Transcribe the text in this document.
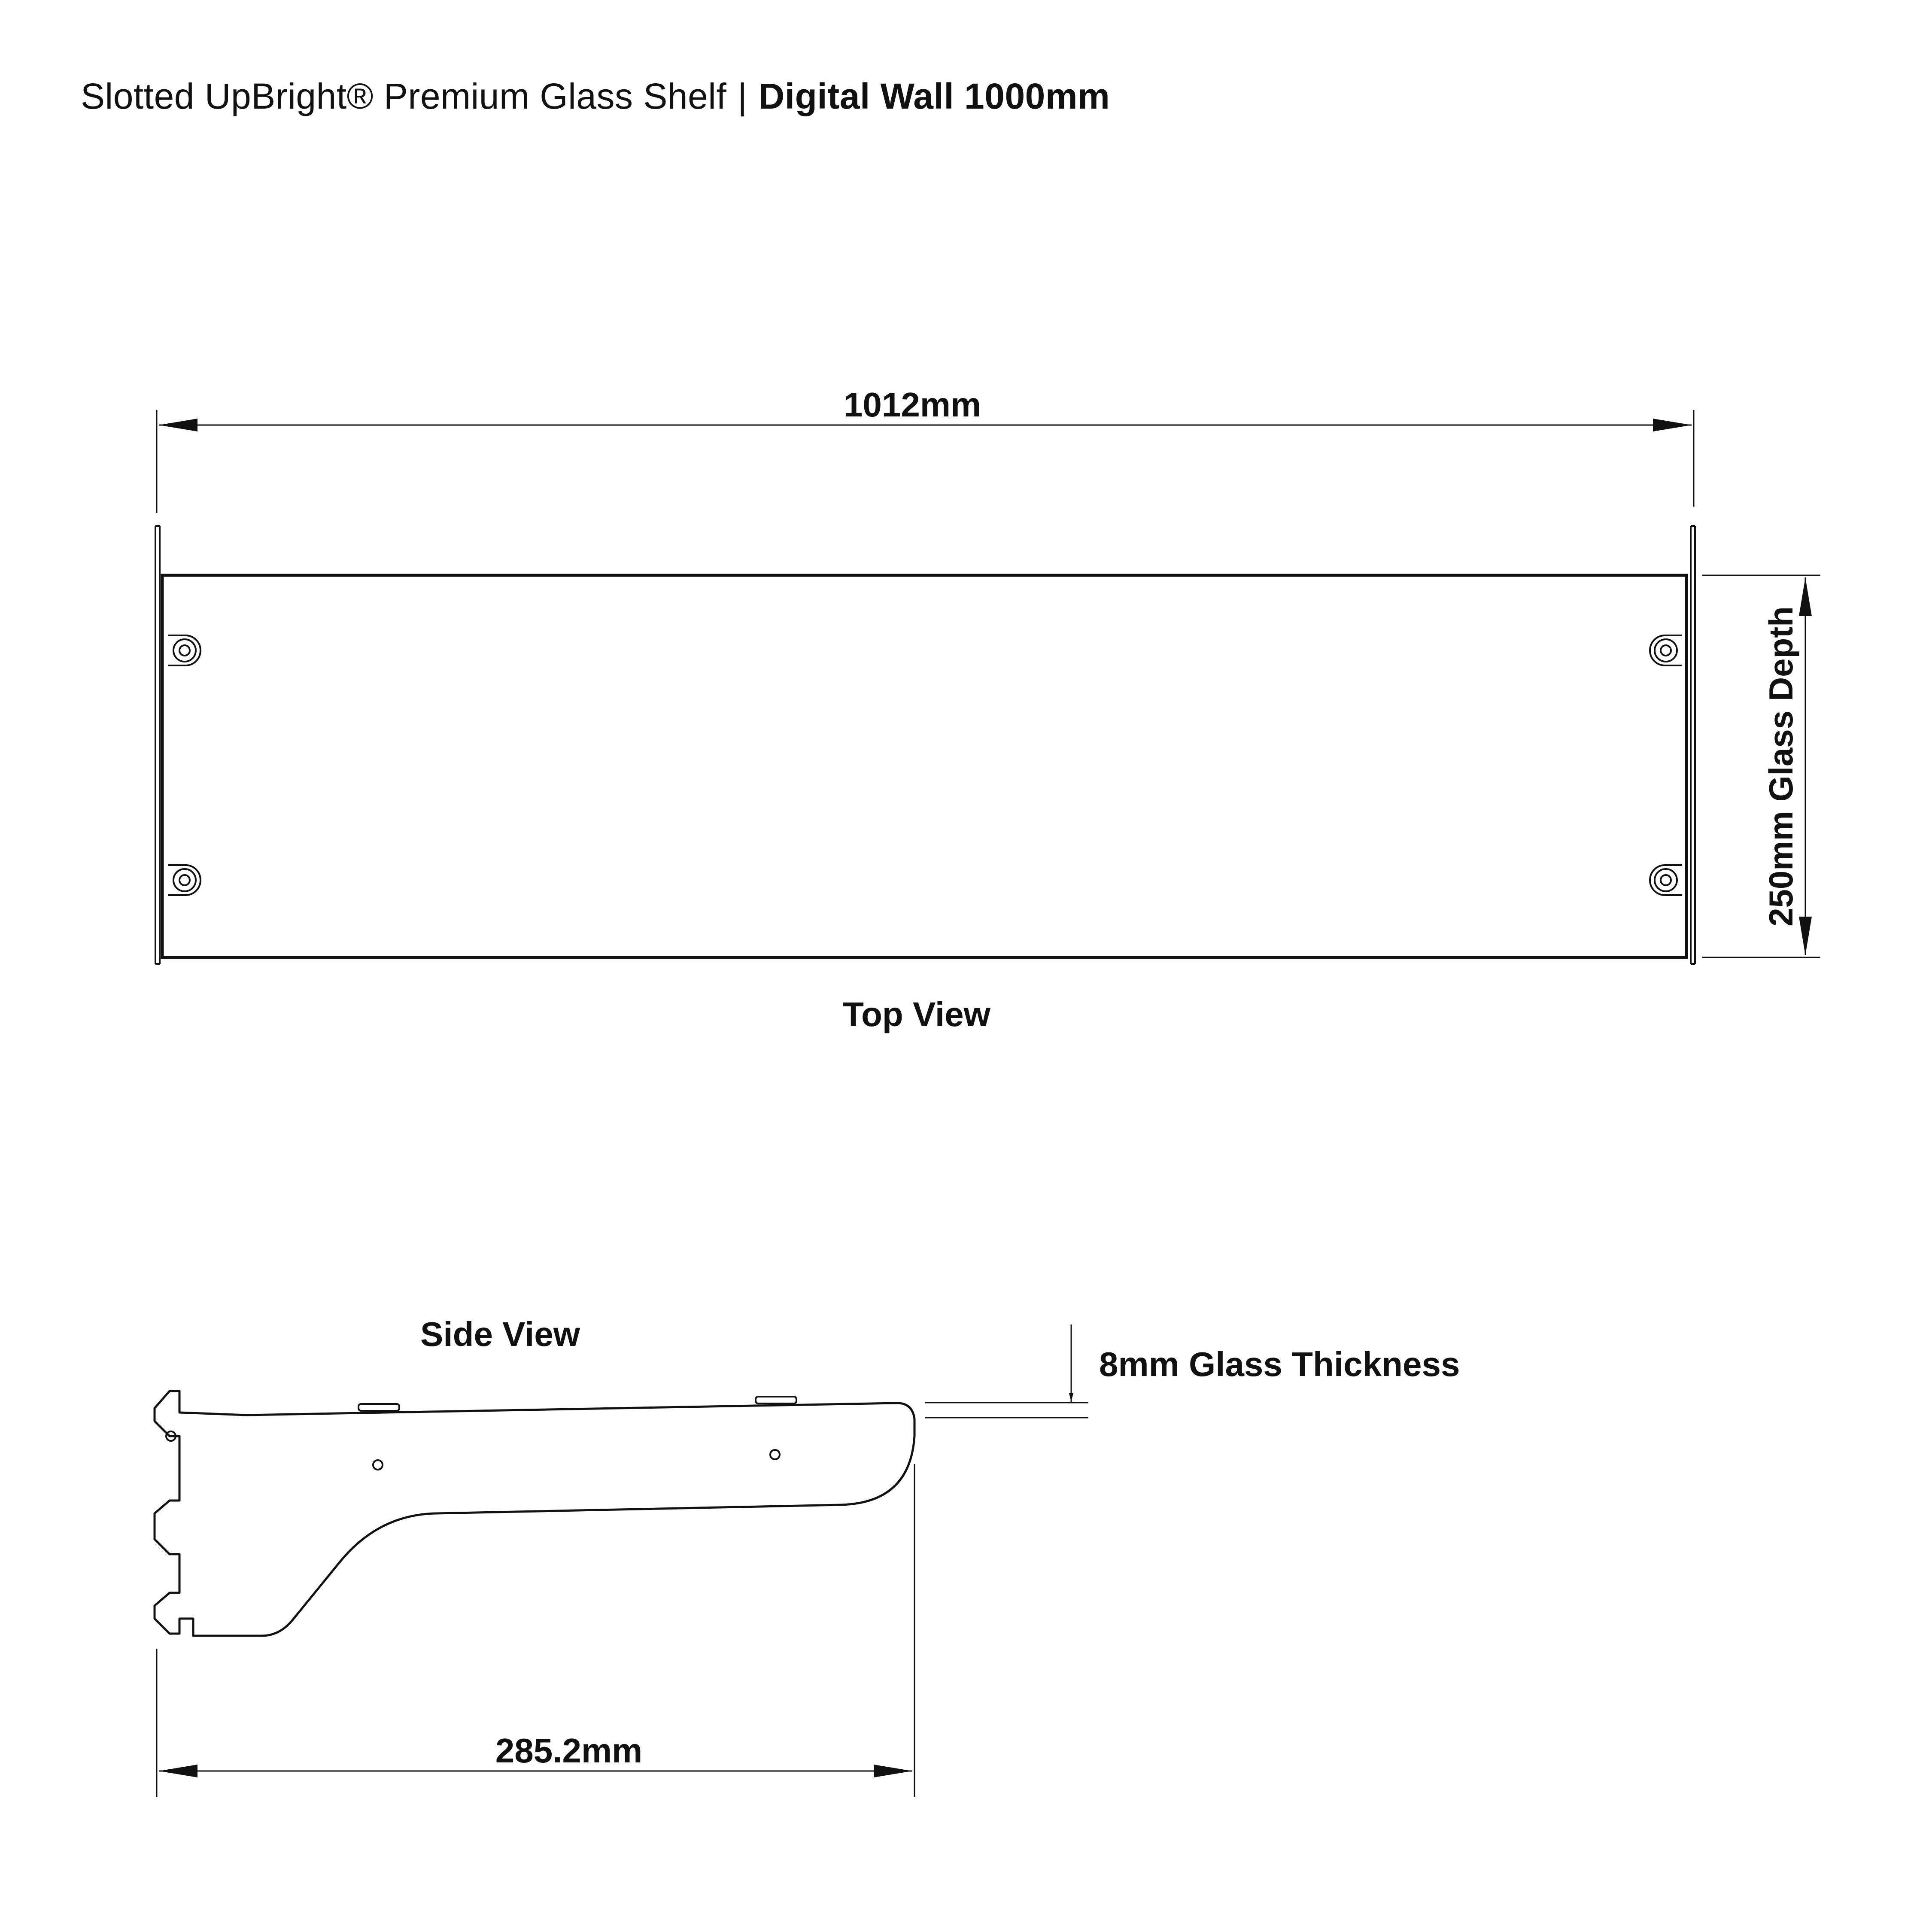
Slotted UpBright® Premium Glass Shelf | Digital Wall 1000mm
1012mm
250mm Glass Depth
Top View
Side View
8mm Glass Thickness
285.2mm
